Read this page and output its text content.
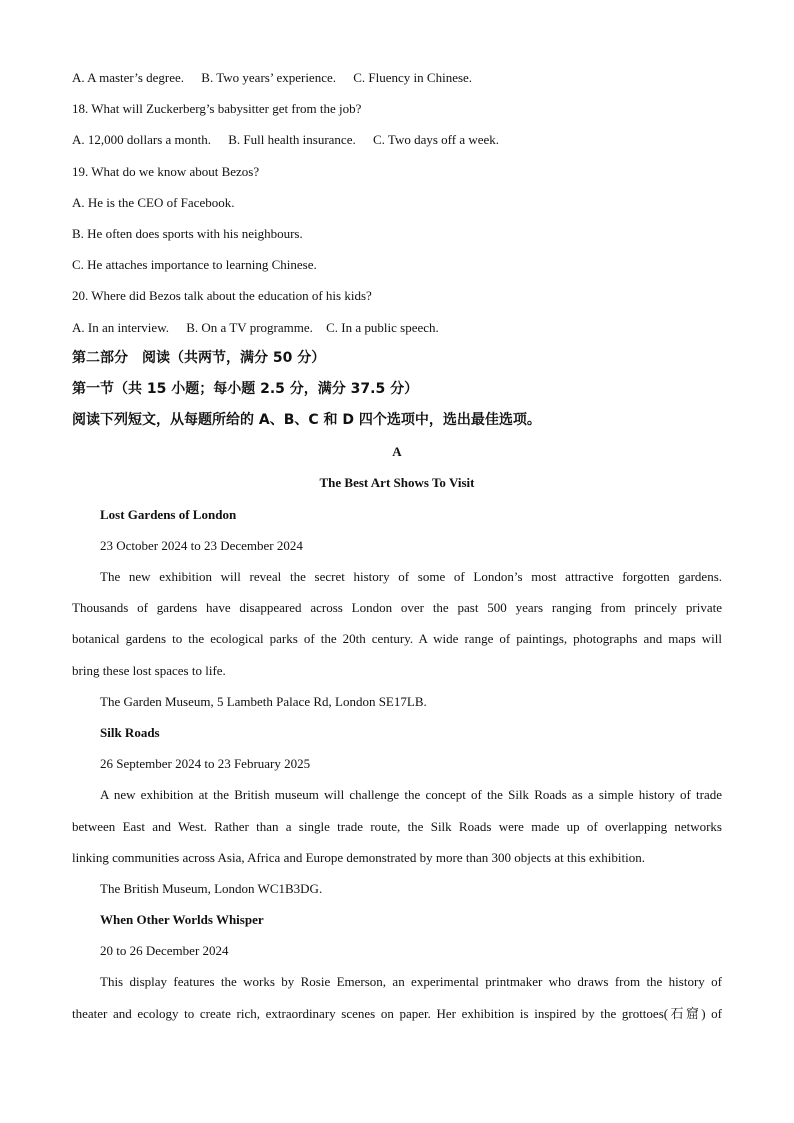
A. A master’s degree. B. Two years’ experience. C. Fluency in Chinese.
18. What will Zuckerberg’s babysitter get from the job?
A. 12,000 dollars a month. B. Full health insurance. C. Two days off a week.
19. What do we know about Bezos?
A. He is the CEO of Facebook.
B. He often does sports with his neighbours.
C. He attaches importance to learning Chinese.
20. Where did Bezos talk about the education of his kids?
A. In an interview. B. On a TV programme. C. In a public speech.
第二部分　阅读（共两节，满分 50 分）
第一节（共 15 小题；每小题 2.5 分，满分 37.5 分）
阅读下列短文，从每题所给的 A、B、C 和 D 四个选项中，选出最佳选项。
A
The Best Art Shows To Visit
Lost Gardens of London
23 October 2024 to 23 December 2024
The new exhibition will reveal the secret history of some of London’s most attractive forgotten gardens.
Thousands of gardens have disappeared across London over the past 500 years ranging from princely private
botanical gardens to the ecological parks of the 20th century. A wide range of paintings, photographs and maps will
bring these lost spaces to life.
The Garden Museum, 5 Lambeth Palace Rd, London SE17LB.
Silk Roads
26 September 2024 to 23 February 2025
A new exhibition at the British museum will challenge the concept of the Silk Roads as a simple history of trade
between East and West. Rather than a single trade route, the Silk Roads were made up of overlapping networks
linking communities across Asia, Africa and Europe demonstrated by more than 300 objects at this exhibition.
The British Museum, London WC1B3DG.
When Other Worlds Whisper
20 to 26 December 2024
This display features the works by Rosie Emerson, an experimental printmaker who draws from the history of
theater and ecology to create rich, extraordinary scenes on paper. Her exhibition is inspired by the grottoes(石窟) of
